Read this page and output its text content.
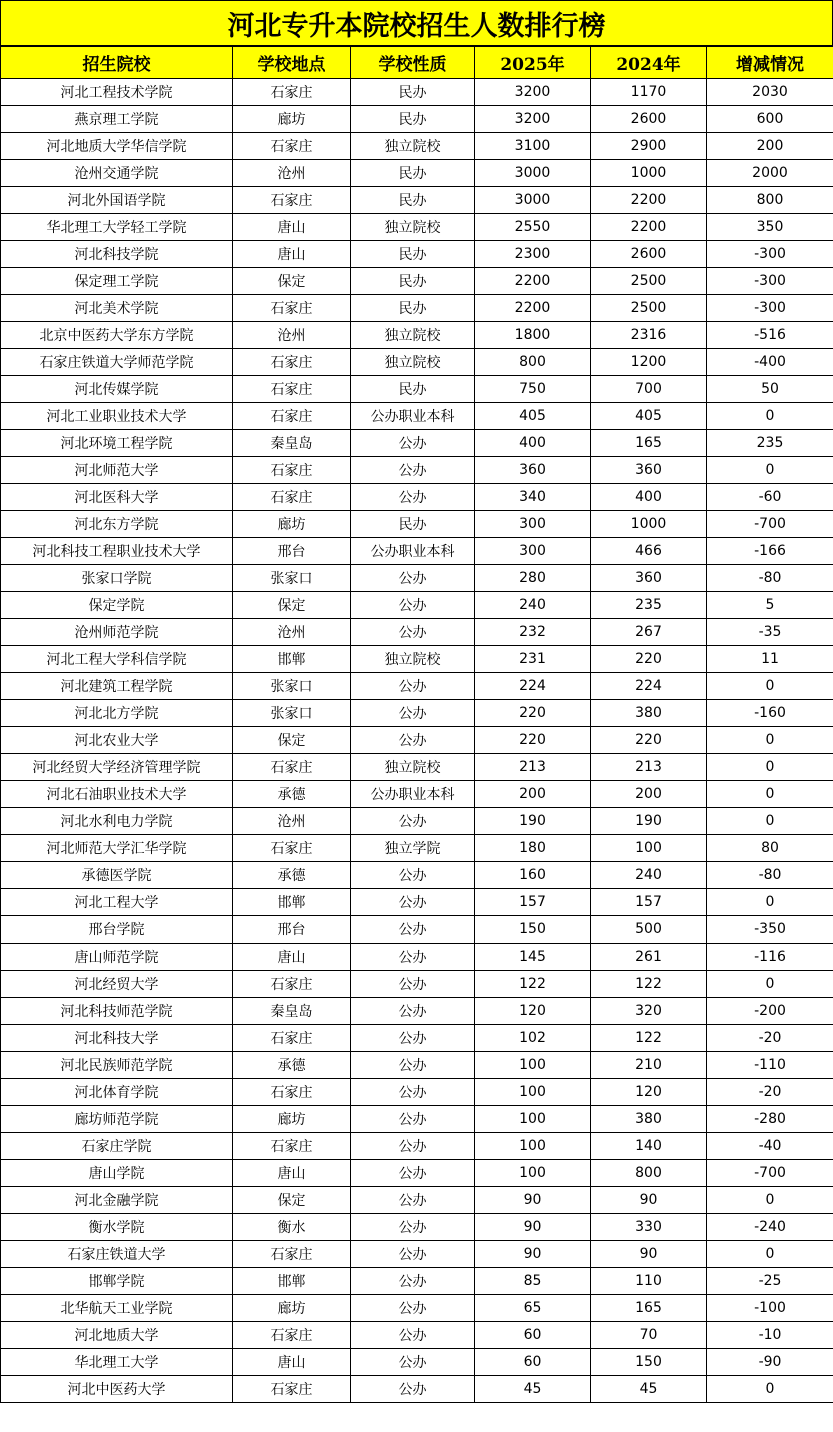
河北专升本院校招生人数排行榜
招生院校	学校地点	学校性质	2025年	2024年	增减情况
河北工程技术学院	石家庄	民办	3200	1170	2030
燕京理工学院	廊坊	民办	3200	2600	600
河北地质大学华信学院	石家庄	独立院校	3100	2900	200
沧州交通学院	沧州	民办	3000	1000	2000
河北外国语学院	石家庄	民办	3000	2200	800
华北理工大学轻工学院	唐山	独立院校	2550	2200	350
河北科技学院	唐山	民办	2300	2600	-300
保定理工学院	保定	民办	2200	2500	-300
河北美术学院	石家庄	民办	2200	2500	-300
北京中医药大学东方学院	沧州	独立院校	1800	2316	-516
石家庄铁道大学师范学院	石家庄	独立院校	800	1200	-400
河北传媒学院	石家庄	民办	750	700	50
河北工业职业技术大学	石家庄	公办职业本科	405	405	0
河北环境工程学院	秦皇岛	公办	400	165	235
河北师范大学	石家庄	公办	360	360	0
河北医科大学	石家庄	公办	340	400	-60
河北东方学院	廊坊	民办	300	1000	-700
河北科技工程职业技术大学	邢台	公办职业本科	300	466	-166
张家口学院	张家口	公办	280	360	-80
保定学院	保定	公办	240	235	5
沧州师范学院	沧州	公办	232	267	-35
河北工程大学科信学院	邯郸	独立院校	231	220	11
河北建筑工程学院	张家口	公办	224	224	0
河北北方学院	张家口	公办	220	380	-160
河北农业大学	保定	公办	220	220	0
河北经贸大学经济管理学院	石家庄	独立院校	213	213	0
河北石油职业技术大学	承德	公办职业本科	200	200	0
河北水利电力学院	沧州	公办	190	190	0
河北师范大学汇华学院	石家庄	独立学院	180	100	80
承德医学院	承德	公办	160	240	-80
河北工程大学	邯郸	公办	157	157	0
邢台学院	邢台	公办	150	500	-350
唐山师范学院	唐山	公办	145	261	-116
河北经贸大学	石家庄	公办	122	122	0
河北科技师范学院	秦皇岛	公办	120	320	-200
河北科技大学	石家庄	公办	102	122	-20
河北民族师范学院	承德	公办	100	210	-110
河北体育学院	石家庄	公办	100	120	-20
廊坊师范学院	廊坊	公办	100	380	-280
石家庄学院	石家庄	公办	100	140	-40
唐山学院	唐山	公办	100	800	-700
河北金融学院	保定	公办	90	90	0
衡水学院	衡水	公办	90	330	-240
石家庄铁道大学	石家庄	公办	90	90	0
邯郸学院	邯郸	公办	85	110	-25
北华航天工业学院	廊坊	公办	65	165	-100
河北地质大学	石家庄	公办	60	70	-10
华北理工大学	唐山	公办	60	150	-90
河北中医药大学	石家庄	公办	45	45	0
